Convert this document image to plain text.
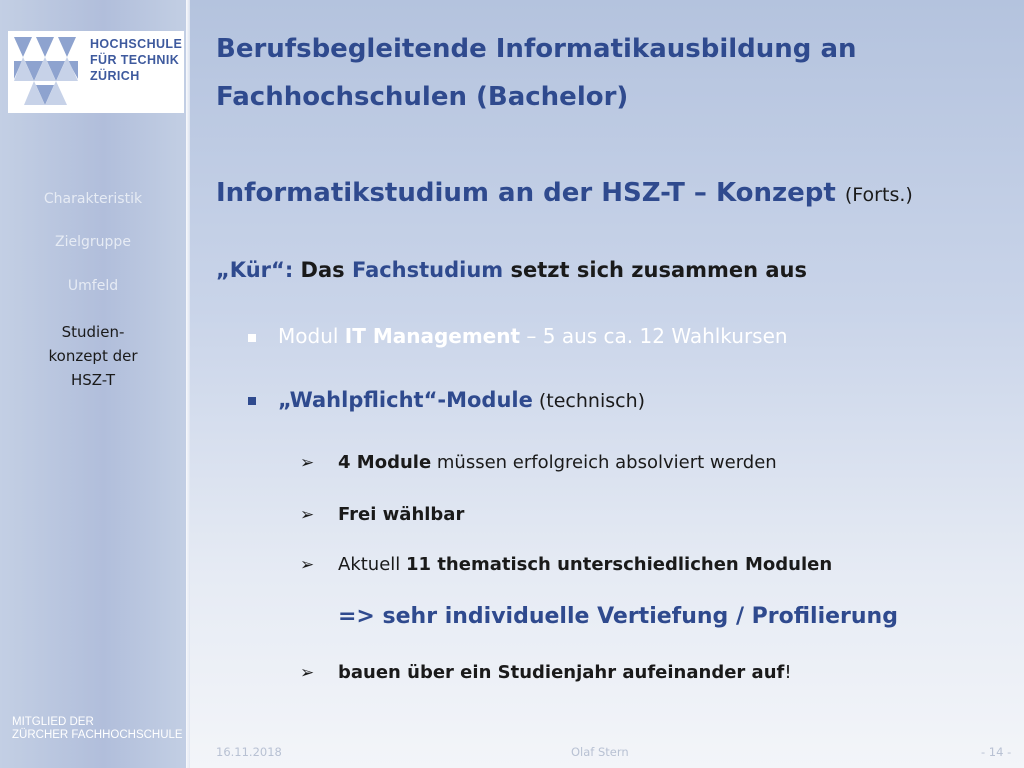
HOCHSCHULE
FÜR TECHNIK
ZÜRICH
Charakteristik
Zielgruppe
Umfeld
Studien-
konzept der
HSZ-T
MITGLIED DER
ZÜRCHER FACHHOCHSCHULE
Berufsbegleitende Informatikausbildung an
Fachhochschulen (Bachelor)
Informatikstudium an der HSZ-T – Konzept (Forts.)
„Kür“: Das Fachstudium setzt sich zusammen aus
Modul IT Management – 5 aus ca. 12 Wahlkursen
„Wahlpflicht“-Module (technisch)
➢ 4 Module müssen erfolgreich absolviert werden
➢ Frei wählbar
➢ Aktuell 11 thematisch unterschiedlichen Modulen
=> sehr individuelle Vertiefung / Profilierung
➢ bauen über ein Studienjahr aufeinander auf!
16.11.2018	Olaf Stern	- 14 -
